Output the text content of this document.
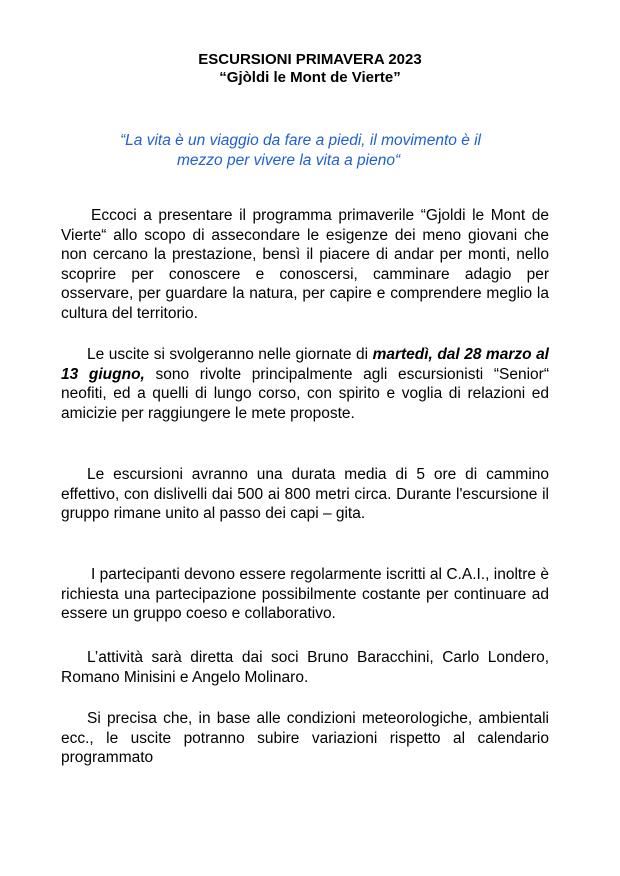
ESCURSIONI PRIMAVERA 2023
“Gjòldi le Mont de Vierte”
“La vita è un viaggio da fare a piedi, il movimento è il
mezzo per vivere la vita a pieno“

Eccoci a presentare il programma primaverile “Gjoldi le Mont de Vierte“ allo scopo di assecondare le esigenze dei meno giovani che non cercano la prestazione, bensì il piacere di andar per monti, nello scoprire per conoscere e conoscersi, camminare adagio per osservare, per guardare la natura, per capire e comprendere meglio la cultura del territorio.

Le uscite si svolgeranno nelle giornate di martedì, dal 28 marzo al 13 giugno, sono rivolte principalmente agli escursionisti “Senior“ neofiti, ed a quelli di lungo corso, con spirito e voglia di relazioni ed amicizie per raggiungere le mete proposte.

Le escursioni avranno una durata media di 5 ore di cammino effettivo, con dislivelli dai 500 ai 800 metri circa. Durante l'escursione il gruppo rimane unito al passo dei capi – gita.

I partecipanti devono essere regolarmente iscritti al C.A.I., inoltre è richiesta una partecipazione possibilmente costante per continuare ad essere un gruppo coeso e collaborativo.

L’attività sarà diretta dai soci Bruno Baracchini, Carlo Londero, Romano Minisini e Angelo Molinaro.

Si precisa che, in base alle condizioni meteorologiche, ambientali ecc., le uscite potranno subire variazioni rispetto al calendario programmato
